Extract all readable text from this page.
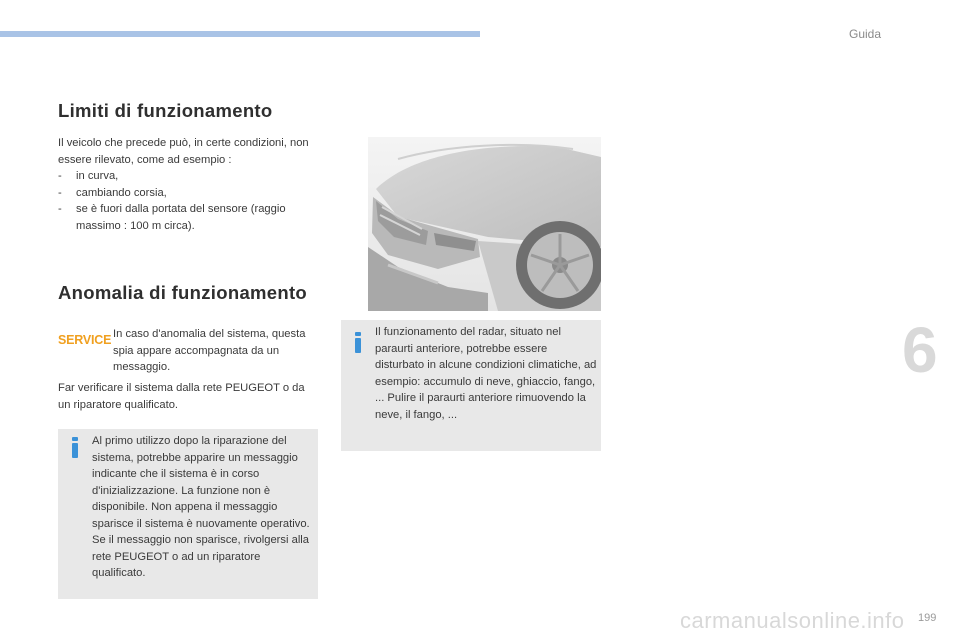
Guida
Limiti di funzionamento

Il veicolo che precede può, in certe condizioni, non essere rilevato, come ad esempio :

- in curva,
- cambiando corsia,
- se è fuori dalla portata del sensore (raggio massimo : 100 m circa).
Anomalia di funzionamento
SERVICE In caso d'anomalia del sistema, questa spia appare accompagnata da un messaggio.

Far verificare il sistema dalla rete PEUGEOT o da un riparatore qualificato.

Al primo utilizzo dopo la riparazione del sistema, potrebbe apparire un messaggio indicante che il sistema è in corso d'inizializzazione. La funzione non è disponibile. Non appena il messaggio sparisce il sistema è nuovamente operativo. Se il messaggio non sparisce, rivolgersi alla rete PEUGEOT o ad un riparatore qualificato.

Il funzionamento del radar, situato nel paraurti anteriore, potrebbe essere disturbato in alcune condizioni climatiche, ad esempio: accumulo di neve, ghiaccio, fango, ... Pulire il paraurti anteriore rimuovendo la neve, il fango, ...

6
carmanualsonline.info 199
